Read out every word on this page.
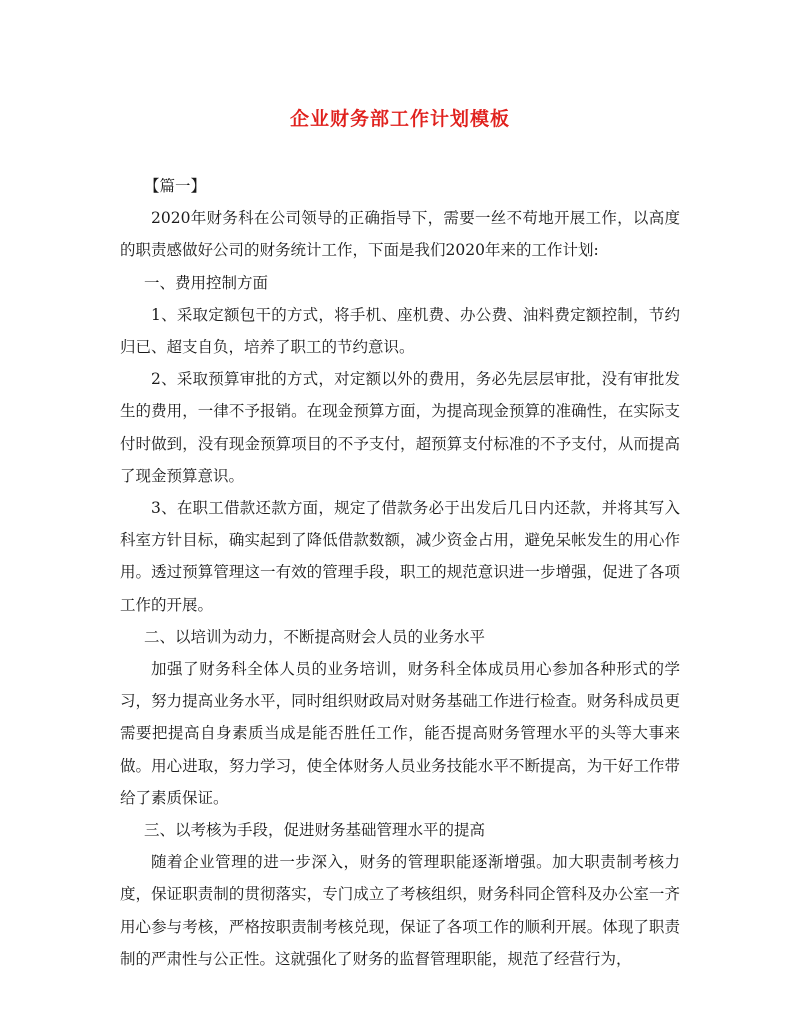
企业财务部工作计划模板

【篇一】

2020年财务科在公司领导的正确指导下，需要一丝不苟地开展工作，以高度的职责感做好公司的财务统计工作，下面是我们2020年来的工作计划:

一、费用控制方面

1、采取定额包干的方式，将手机、座机费、办公费、油料费定额控制，节约归已、超支自负，培养了职工的节约意识。

2、采取预算审批的方式，对定额以外的费用，务必先层层审批，没有审批发生的费用，一律不予报销。在现金预算方面，为提高现金预算的准确性，在实际支付时做到，没有现金预算项目的不予支付，超预算支付标准的不予支付，从而提高了现金预算意识。

3、在职工借款还款方面，规定了借款务必于出发后几日内还款，并将其写入科室方针目标，确实起到了降低借款数额，减少资金占用，避免呆帐发生的用心作用。透过预算管理这一有效的管理手段，职工的规范意识进一步增强，促进了各项工作的开展。

二、以培训为动力，不断提高财会人员的业务水平

加强了财务科全体人员的业务培训，财务科全体成员用心参加各种形式的学习，努力提高业务水平，同时组织财政局对财务基础工作进行检查。财务科成员更需要把提高自身素质当成是能否胜任工作，能否提高财务管理水平的头等大事来做。用心进取，努力学习，使全体财务人员业务技能水平不断提高，为干好工作带给了素质保证。

三、以考核为手段，促进财务基础管理水平的提高

随着企业管理的进一步深入，财务的管理职能逐渐增强。加大职责制考核力度，保证职责制的贯彻落实，专门成立了考核组织，财务科同企管科及办公室一齐用心参与考核，严格按职责制考核兑现，保证了各项工作的顺利开展。体现了职责制的严肃性与公正性。这就强化了财务的监督管理职能，规范了经营行为，
